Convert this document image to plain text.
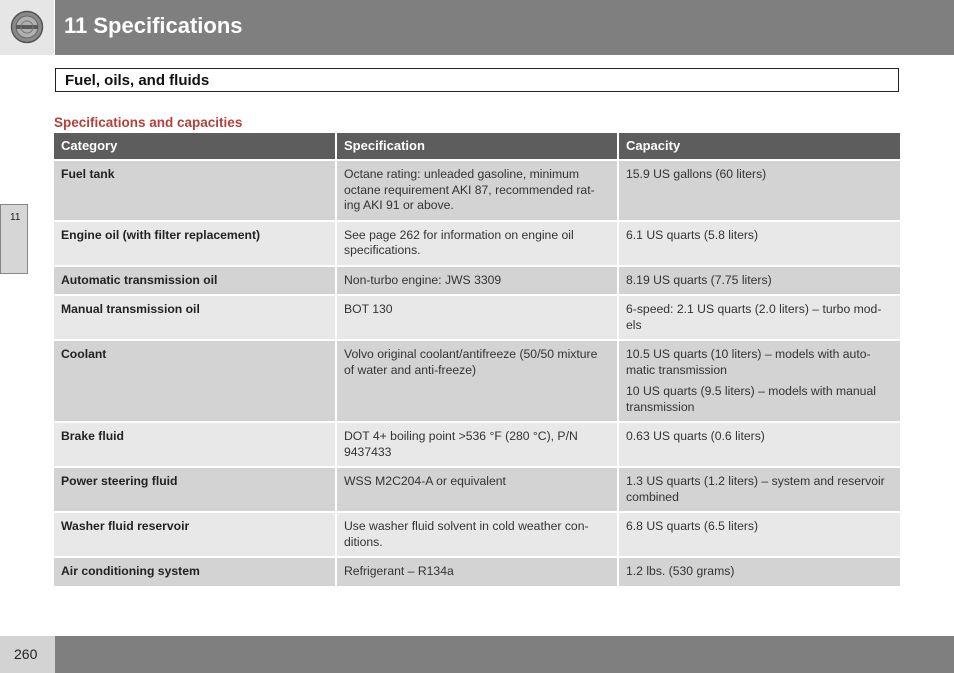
11 Specifications
Fuel, oils, and fluids
Specifications and capacities
11
Category	Specification	Capacity
Fuel tank	Octane rating: unleaded gasoline, minimum octane requirement AKI 87, recommended rat-ing AKI 91 or above.	15.9 US gallons (60 liters)

Engine oil (with filter replacement)	See page 262 for information on engine oil specifications.	6.1 US quarts (5.8 liters)

Automatic transmission oil	Non-turbo engine: JWS 3309	8.19 US quarts (7.75 liters)

Manual transmission oil	BOT 130	6-speed: 2.1 US quarts (2.0 liters) – turbo mod-els

Coolant	Volvo original coolant/antifreeze (50/50 mixture of water and anti-freeze)	10.5 US quarts (10 liters) – models with auto-matic transmission

10 US quarts (9.5 liters) – models with manual transmission

Brake fluid	DOT 4+ boiling point >536 °F (280 °C), P/N 9437433	0.63 US quarts (0.6 liters)

Power steering fluid	WSS M2C204-A or equivalent	1.3 US quarts (1.2 liters) – system and reservoir combined

Washer fluid reservoir	Use washer fluid solvent in cold weather con-ditions.	6.8 US quarts (6.5 liters)

Air conditioning system	Refrigerant – R134a	1.2 lbs. (530 grams)

260
